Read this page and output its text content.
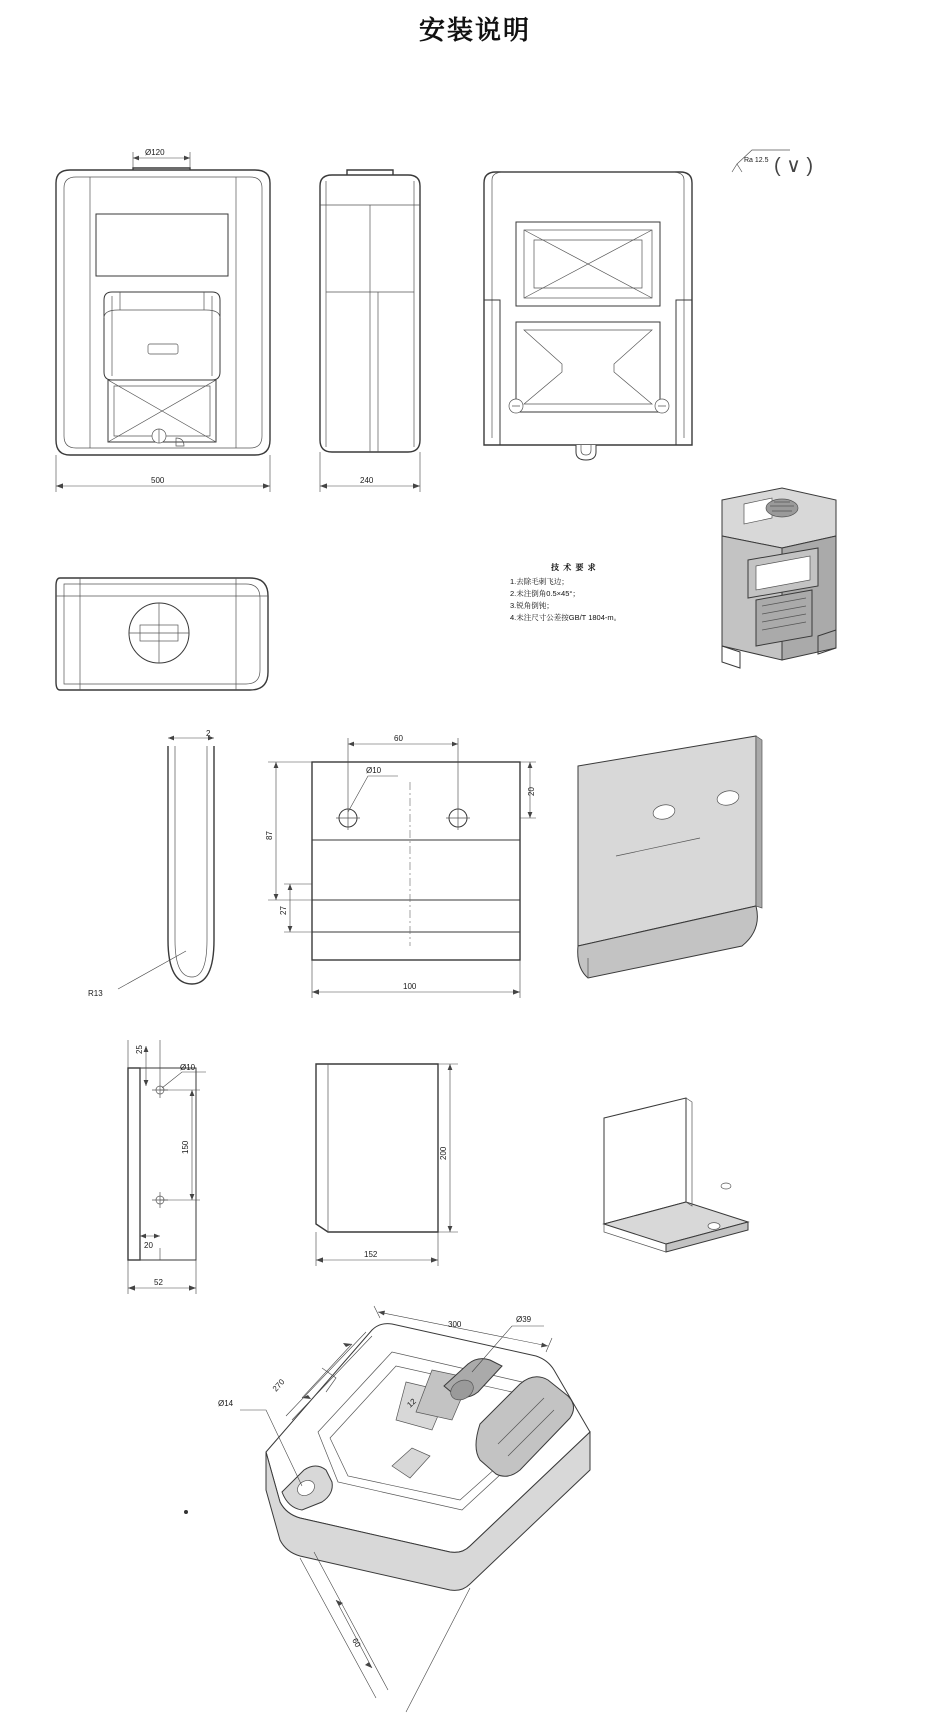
安装说明
Ø120
500	240
Ra 12.5 ( ∨ )
技 术 要 求
1.去除毛刺飞边；
2.未注倒角0.5×45°；
3.锐角倒钝；
4.未注尺寸公差按GB/T 1804-m。
2
R13
60
Ø10
20
87
27
100
25
Ø10
150
20
52
200
152
300
Ø39
270
Ø14	12
60
